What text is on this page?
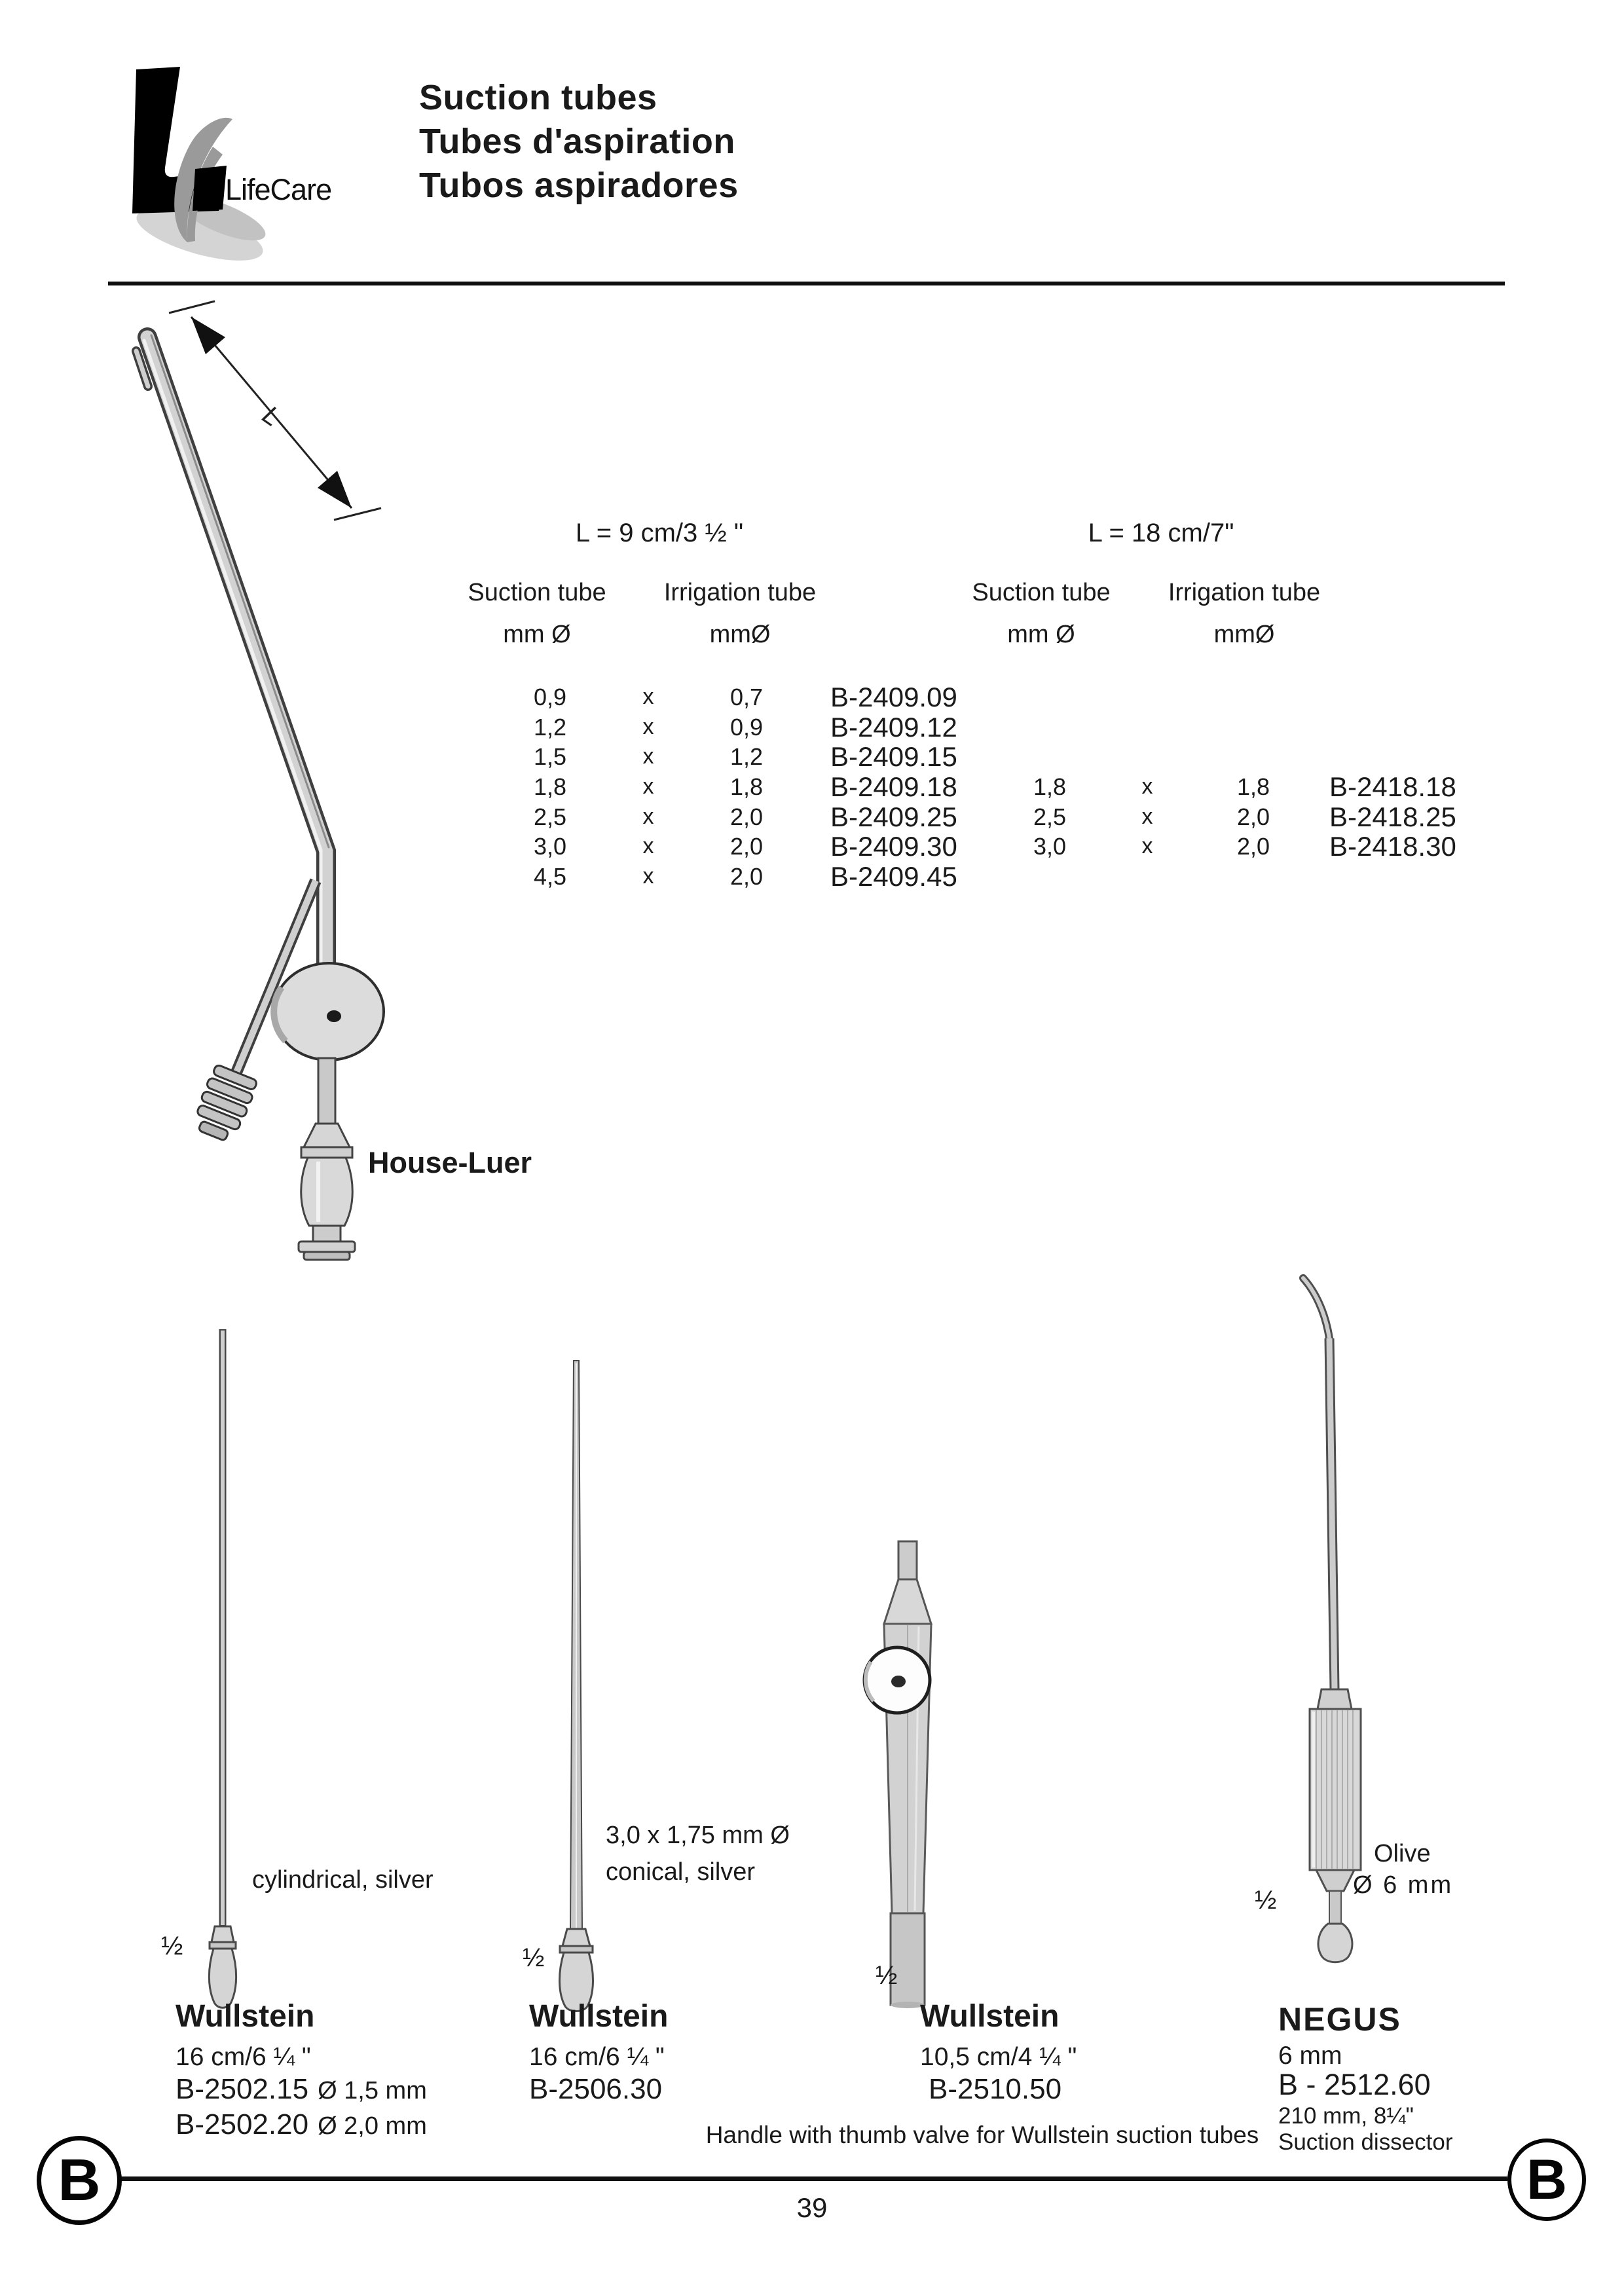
LifeCare
Suction tubes
Tubes d'aspiration
Tubos aspiradores
L
House-Luer
L = 9 cm/3 ½ "	L = 18 cm/7"
Suction tube	Irrigation tube
mm Ø	mmØ
Suction tube	Irrigation tube
mm Ø	mmØ
0,9	x	0,7	B-2409.09
1,2	x	0,9	B-2409.12
1,5	x	1,2	B-2409.15
1,8	x	1,8	B-2409.18
2,5	x	2,0	B-2409.25
3,0	x	2,0	B-2409.30
4,5	x	2,0	B-2409.45
1,8	x	1,8	B-2418.18
2,5	x	2,0	B-2418.25
3,0	x	2,0	B-2418.30
cylindrical, silver
½
Wullstein
16 cm/6 ¼ "
B-2502.15 Ø 1,5 mm
B-2502.20 Ø 2,0 mm
3,0 x 1,75 mm Ø
conical, silver
½
Wullstein
16 cm/6 ¼ "
B-2506.30
½
Wullstein
10,5 cm/4 ¼ "
B-2510.50
Handle with thumb valve for Wullstein suction tubes
Olive
Ø 6 mm
½
NEGUS
6 mm
B - 2512.60
210 mm, 8¼"
Suction dissector
B	B
39
